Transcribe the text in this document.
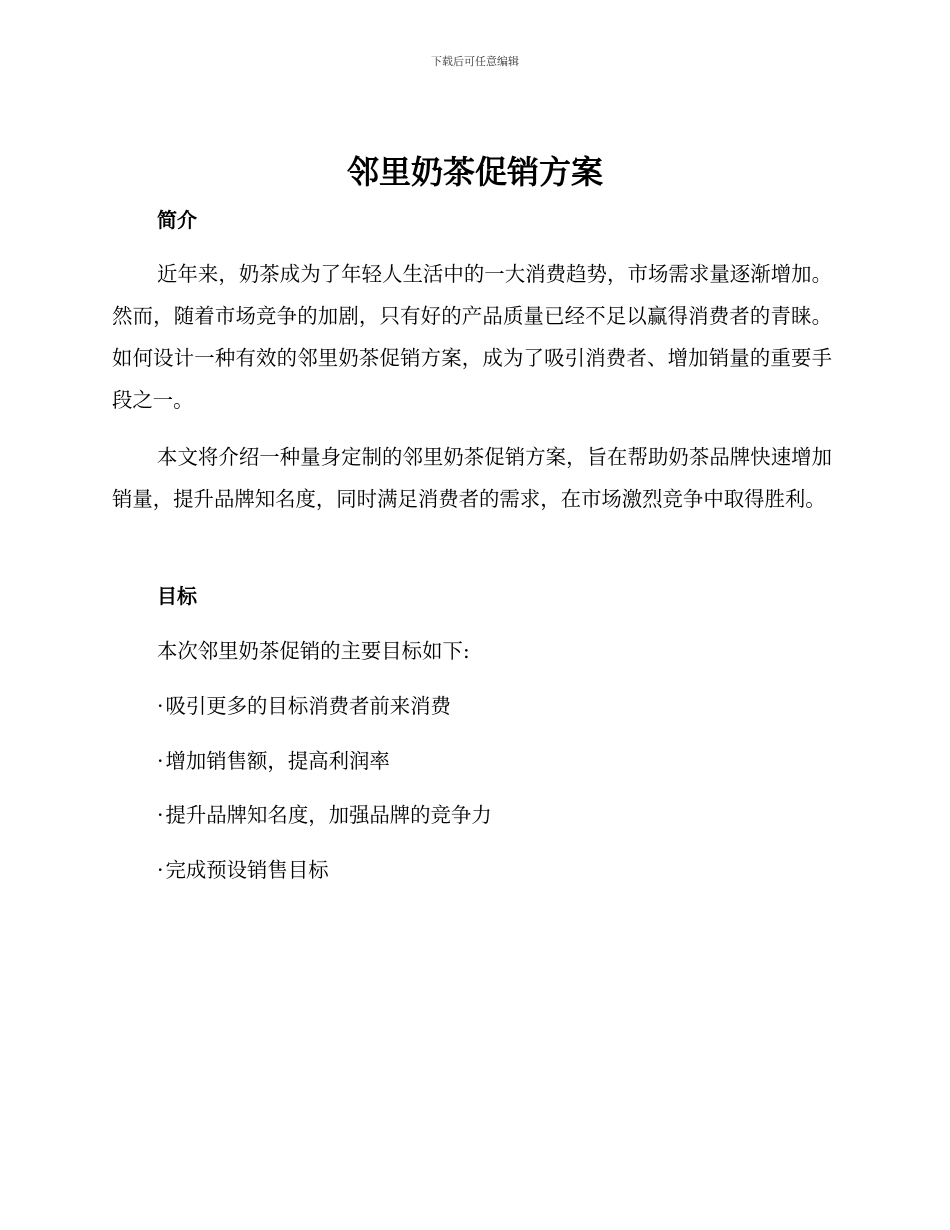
下载后可任意编辑
邻里奶茶促销方案
简介

近年来，奶茶成为了年轻人生活中的一大消费趋势，市场需求量逐渐增加。然而，随着市场竞争的加剧，只有好的产品质量已经不足以赢得消费者的青睐。如何设计一种有效的邻里奶茶促销方案，成为了吸引消费者、增加销量的重要手段之一。

本文将介绍一种量身定制的邻里奶茶促销方案，旨在帮助奶茶品牌快速增加销量，提升品牌知名度，同时满足消费者的需求，在市场激烈竞争中取得胜利。

目标

本次邻里奶茶促销的主要目标如下:

·吸引更多的目标消费者前来消费
·增加销售额，提高利润率
·提升品牌知名度，加强品牌的竞争力
·完成预设销售目标
